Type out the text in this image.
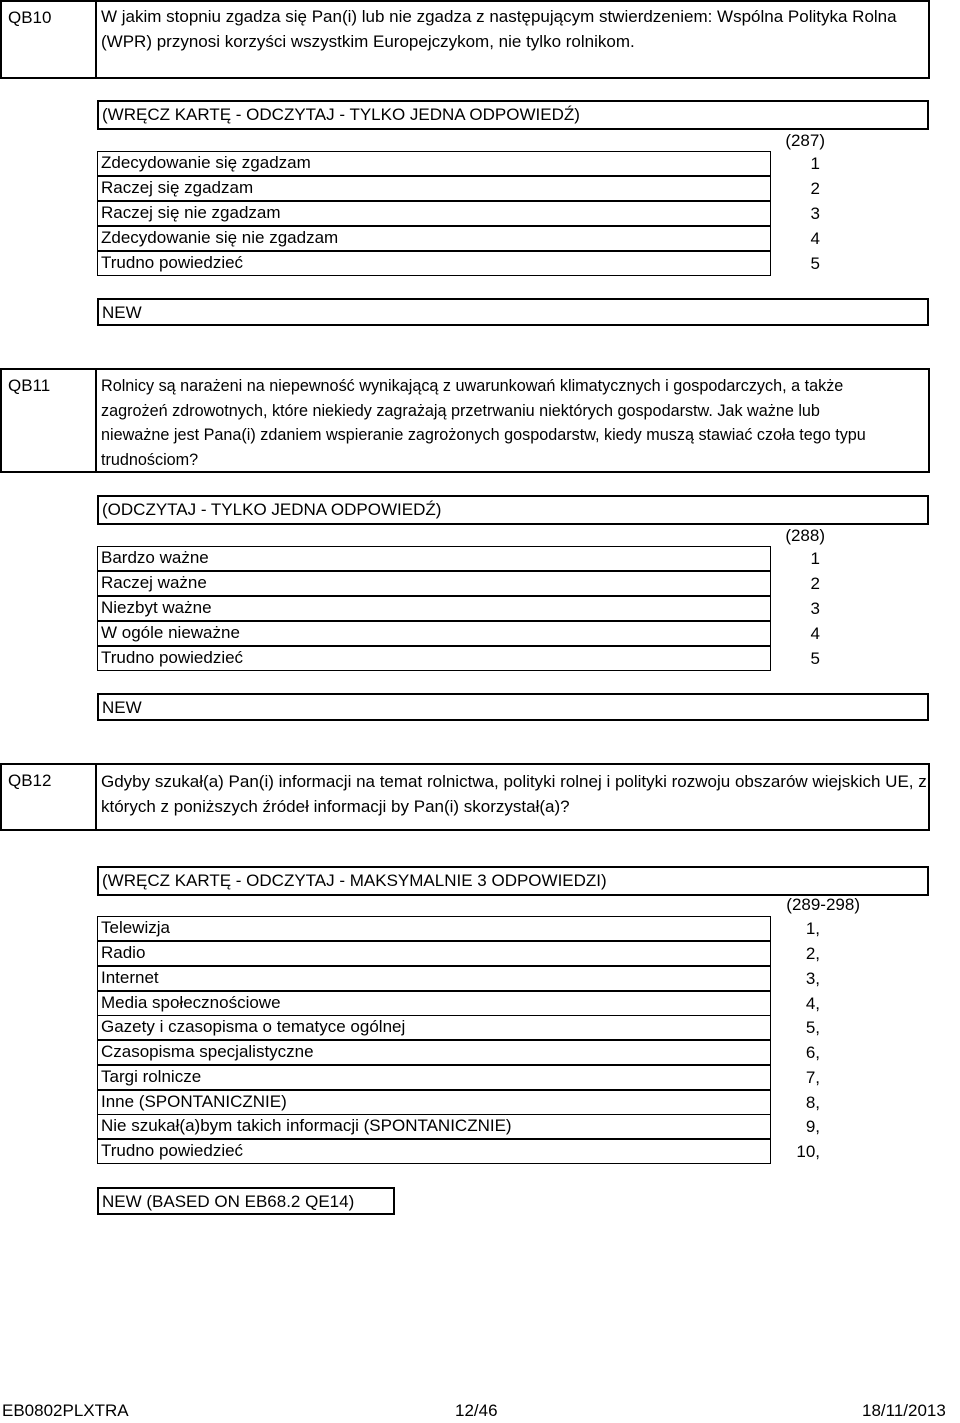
QB10	W jakim stopniu zgadza się Pan(i) lub nie zgadza z następującym stwierdzeniem: Wspólna Polityka Rolna (WPR) przynosi korzyści wszystkim Europejczykom, nie tylko rolnikom.
(WRĘCZ KARTĘ - ODCZYTAJ - TYLKO JEDNA ODPOWIEDŹ)
(287)
Zdecydowanie się zgadzam	1
Raczej się zgadzam	2
Raczej się nie zgadzam	3
Zdecydowanie się nie zgadzam	4
Trudno powiedzieć	5
NEW
QB11	Rolnicy są narażeni na niepewność wynikającą z uwarunkowań klimatycznych i gospodarczych, a także zagrożeń zdrowotnych, które niekiedy zagrażają przetrwaniu niektórych gospodarstw. Jak ważne lub nieważne jest Pana(i) zdaniem wspieranie zagrożonych gospodarstw, kiedy muszą stawiać czoła tego typu trudnościom?
(ODCZYTAJ - TYLKO JEDNA ODPOWIEDŹ)
(288)
Bardzo ważne	1
Raczej ważne	2
Niezbyt ważne	3
W ogóle nieważne	4
Trudno powiedzieć	5
NEW
QB12	Gdyby szukał(a) Pan(i) informacji na temat rolnictwa, polityki rolnej i polityki rozwoju obszarów wiejskich UE, z których z poniższych źródeł informacji by Pan(i) skorzystał(a)?
(WRĘCZ KARTĘ - ODCZYTAJ - MAKSYMALNIE 3 ODPOWIEDZI)
(289-298)
Telewizja	1,
Radio	2,
Internet	3,
Media społecznościowe	4,
Gazety i czasopisma o tematyce ogólnej	5,
Czasopisma specjalistyczne	6,
Targi rolnicze	7,
Inne (SPONTANICZNIE)	8,
Nie szukał(a)bym takich informacji (SPONTANICZNIE)	9,
Trudno powiedzieć	10,
NEW (BASED ON EB68.2 QE14)
EB0802PLXTRA	12/46	18/11/2013
